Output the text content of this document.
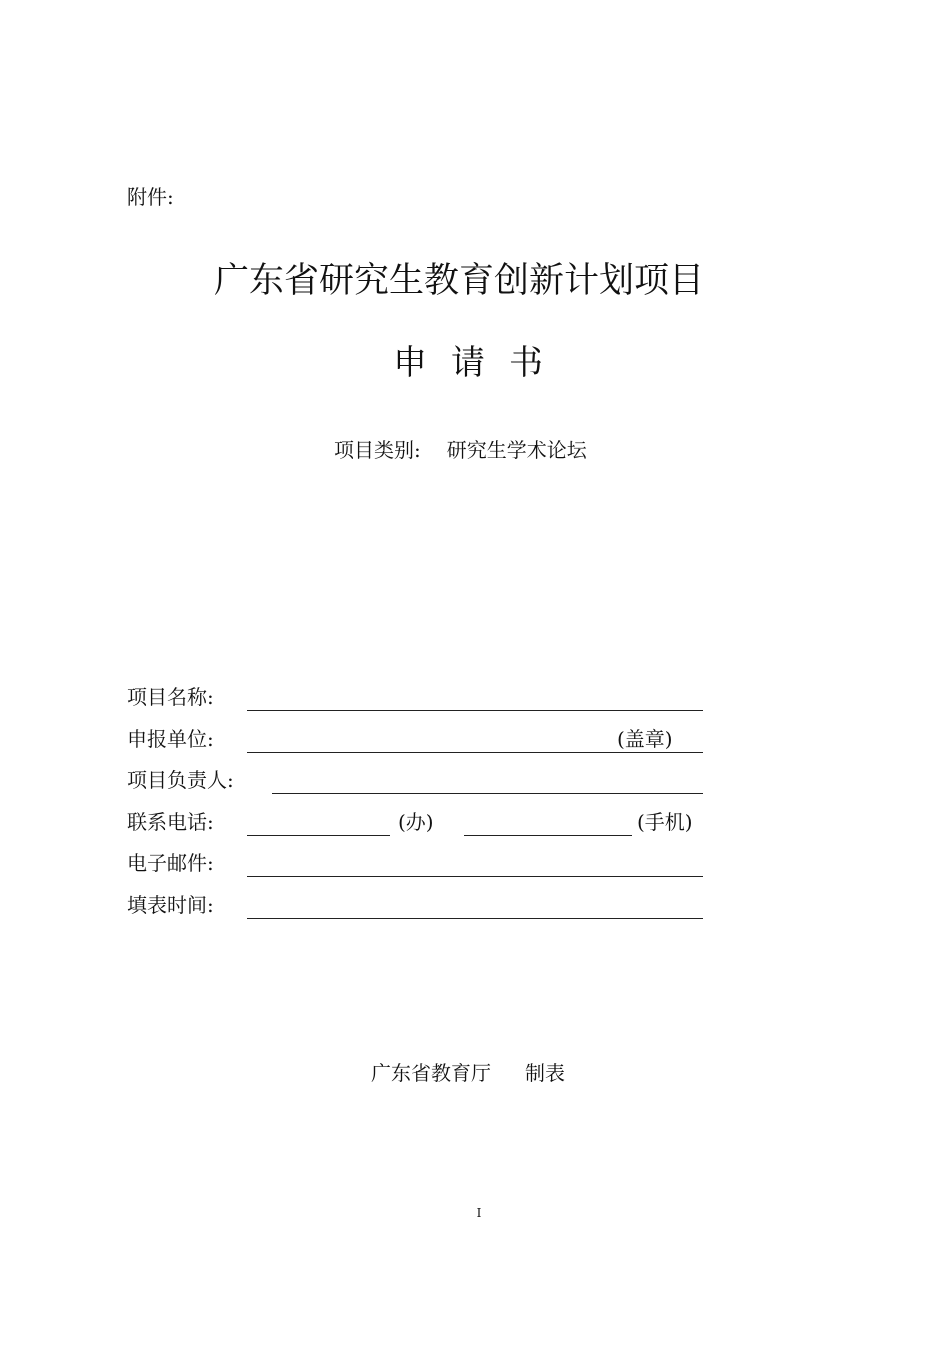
附件:
广东省研究生教育创新计划项目
申请书
项目类别: 研究生学术论坛
项目名称:
申报单位:	(盖章)
项目负责人:
联系电话:	(办)	(手机)
电子邮件:
填表时间:
广东省教育厅 制表
I
